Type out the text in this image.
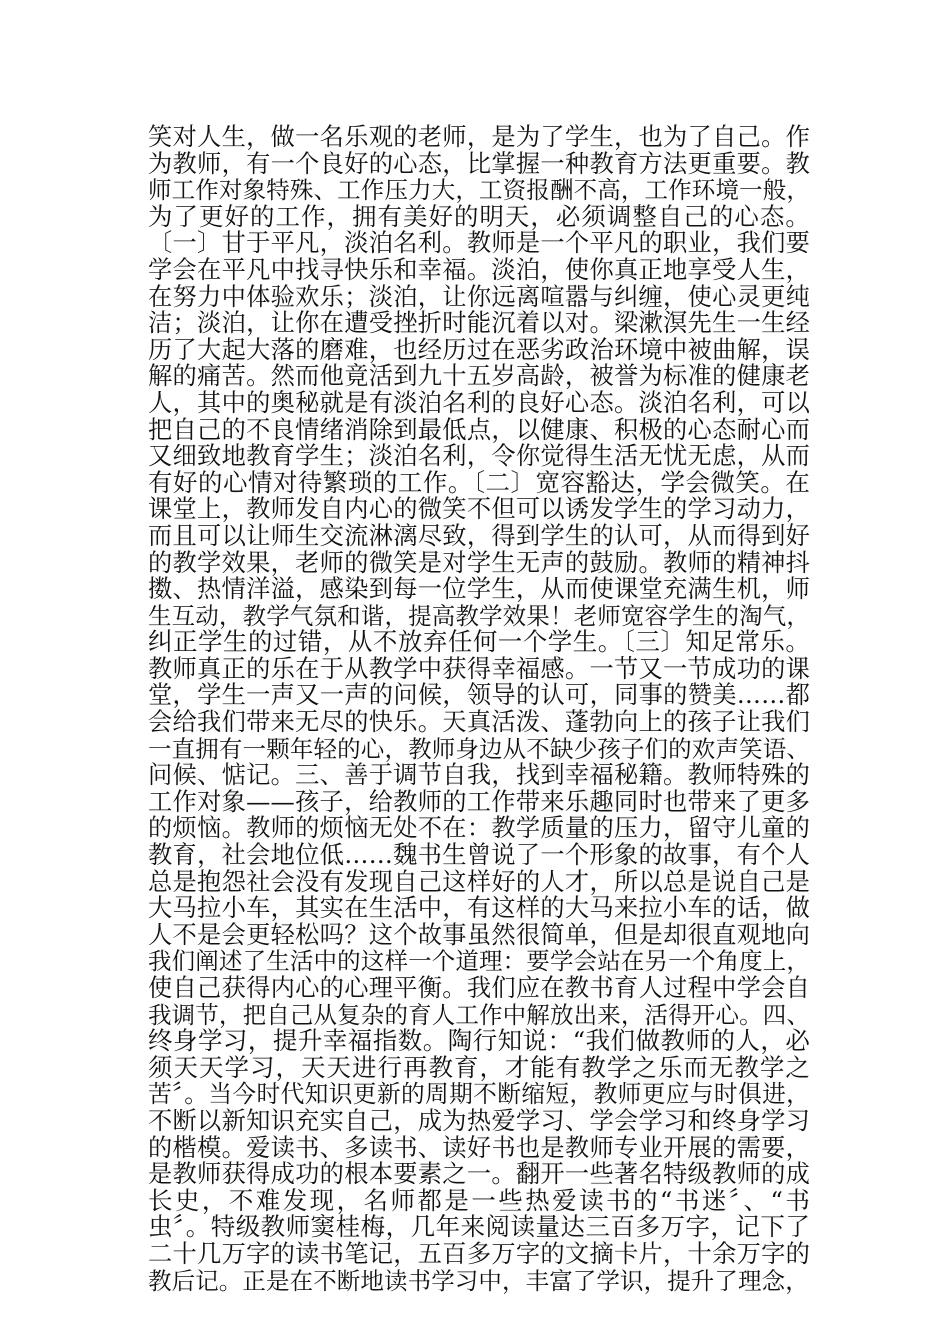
笑对人生，做一名乐观的老师，是为了学生，也为了自己。作
为教师，有一个良好的心态，比掌握一种教育方法更重要。教
师工作对象特殊、工作压力大，工资报酬不高，工作环境一般，
为了更好的工作，拥有美好的明天，必须调整自己的心态。
〔一〕甘于平凡，淡泊名利。教师是一个平凡的职业，我们要
学会在平凡中找寻快乐和幸福。淡泊，使你真正地享受人生，
在努力中体验欢乐；淡泊，让你远离喧嚣与纠缠，使心灵更纯
洁；淡泊，让你在遭受挫折时能沉着以对。梁漱溟先生一生经
历了大起大落的磨难，也经历过在恶劣政治环境中被曲解，误
解的痛苦。然而他竟活到九十五岁高龄，被誉为标准的健康老
人，其中的奥秘就是有淡泊名利的良好心态。淡泊名利，可以
把自己的不良情绪消除到最低点，以健康、积极的心态耐心而
又细致地教育学生；淡泊名利，令你觉得生活无忧无虑，从而
有好的心情对待繁琐的工作。〔二〕宽容豁达，学会微笑。在
课堂上，教师发自内心的微笑不但可以诱发学生的学习动力，
而且可以让师生交流淋漓尽致，得到学生的认可，从而得到好
的教学效果，老师的微笑是对学生无声的鼓励。教师的精神抖
擞、热情洋溢，感染到每一位学生，从而使课堂充满生机，师
生互动，教学气氛和谐，提高教学效果！老师宽容学生的淘气，
纠正学生的过错，从不放弃任何一个学生。〔三〕知足常乐。
教师真正的乐在于从教学中获得幸福感。一节又一节成功的课
堂，学生一声又一声的问候，领导的认可，同事的赞美……都
会给我们带来无尽的快乐。天真活泼、蓬勃向上的孩子让我们
一直拥有一颗年轻的心，教师身边从不缺少孩子们的欢声笑语、
问候、惦记。三、善于调节自我，找到幸福秘籍。教师特殊的
工作对象——孩子，给教师的工作带来乐趣同时也带来了更多
的烦恼。教师的烦恼无处不在：教学质量的压力，留守儿童的
教育，社会地位低……魏书生曾说了一个形象的故事，有个人
总是抱怨社会没有发现自己这样好的人才，所以总是说自己是
大马拉小车，其实在生活中，有这样的大马来拉小车的话，做
人不是会更轻松吗？这个故事虽然很简单，但是却很直观地向
我们阐述了生活中的这样一个道理：要学会站在另一个角度上，
使自己获得内心的心理平衡。我们应在教书育人过程中学会自
我调节，把自己从复杂的育人工作中解放出来，活得开心。四、
终身学习，提升幸福指数。陶行知说：“我们做教师的人，必
须天天学习，天天进行再教育，才能有教学之乐而无教学之
苦〞。当今时代知识更新的周期不断缩短，教师更应与时俱进，
不断以新知识充实自己，成为热爱学习、学会学习和终身学习
的楷模。爱读书、多读书、读好书也是教师专业开展的需要，
是教师获得成功的根本要素之一。翻开一些著名特级教师的成
长史，不难发现，名师都是一些热爱读书的“书迷〞、“书
虫〞。特级教师窦桂梅，几年来阅读量达三百多万字，记下了
二十几万字的读书笔记，五百多万字的文摘卡片，十余万字的
教后记。正是在不断地读书学习中，丰富了学识，提升了理念，
